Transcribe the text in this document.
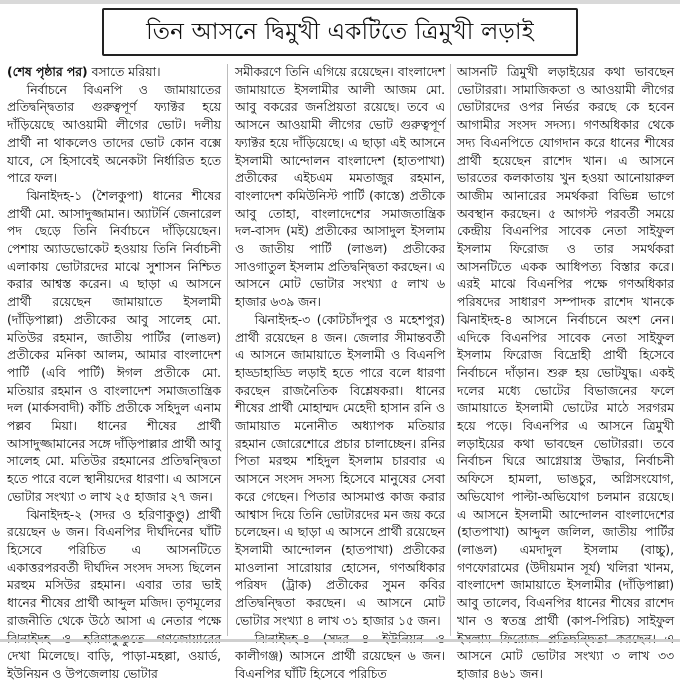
তিন আসনে দ্বিমুখী একটিতে ত্রিমুখী লড়াই

(শেষ পৃষ্ঠার পর) বসাতে মরিয়া।

নির্বাচনে বিএনপি ও জামায়াতের প্রতিদ্বন্দ্বিতার গুরুত্বপূর্ণ ফ্যাক্টর হয়ে দাঁড়িয়েছে আওয়ামী লীগের ভোট। দলীয় প্রার্থী না থাকলেও তাদের ভোট কোন বক্সে যাবে, সে হিসাবেই অনেকটা নির্ধারিত হতে পারে ফল।

ঝিনাইদহ-১ (শৈলকুপা) ধানের শীষের প্রার্থী মো. আসাদুজ্জামান। অ্যাটর্নি জেনারেল পদ ছেড়ে তিনি নির্বাচনে দাঁড়িয়েছেন। পেশায় অ্যাডভোকেট হওয়ায় তিনি নির্বাচনী এলাকায় ভোটারদের মাঝে সুশাসন নিশ্চিত করার আশ্বস্ত করেন। এ ছাড়া এ আসনে প্রার্থী রয়েছেন জামায়াতে ইসলামী (দাঁড়িপাল্লা) প্রতীকের আবু সালেহ মো. মতিউর রহমান, জাতীয় পার্টির (লাঙল) প্রতীকের মনিকা আলম, আমার বাংলাদেশ পার্টি (এবি পার্টি) ঈগল প্রতীকে মো. মতিয়ার রহমান ও বাংলাদেশ সমাজতান্ত্রিক দল (মার্কসবাদী) কাঁচি প্রতীকে সহিদুল এনাম পল্লব মিয়া। ধানের শীষের প্রার্থী আসাদুজ্জামানের সঙ্গে দাঁড়িপাল্লার প্রার্থী আবু সালেহ মো. মতিউর রহমানের প্রতিদ্বন্দ্বিতা হতে পারে বলে স্থানীয়দের ধারণা। এ আসনে ভোটার সংখ্যা ৩ লাখ ২৫ হাজার ২৭ জন।

ঝিনাইদহ-২ (সদর ও হরিণাকুণ্ডু) প্রার্থী রয়েছেন ৬ জন। বিএনপির দীর্ঘদিনের ঘাঁটি হিসেবে পরিচিত এ আসনটিতে একাত্তরপরবর্তী দীর্ঘদিন সংসদ সদস্য ছিলেন মরহুম মসিউর রহমান। এবার তার ভাই ধানের শীষের প্রার্থী আব্দুল মজিদ। তৃণমূলের রাজনীতি থেকে উঠে আসা এ নেতার পক্ষে দেখা মিলেছে। বাড়ি, পাড়া-মহল্লা, ওয়ার্ড, ইউনিয়ন ও উপজেলায় ভোটার

সমীকরণে তিনি এগিয়ে রয়েছেন। বাংলাদেশ জামায়াতে ইসলামীর আলী আজম মো. আবু বকরের জনপ্রিয়তা রয়েছে। তবে এ আসনে আওয়ামী লীগের ভোট গুরুত্বপূর্ণ ফ্যাক্টর হয়ে দাঁড়িয়েছে। এ ছাড়া এই আসনে ইসলামী আন্দোলন বাংলাদেশ (হাতপাখা) প্রতীকের এইচএম মমতাজুর রহমান, বাংলাদেশ কমিউনিস্ট পার্টি (কাস্তে) প্রতীকে আবু তোহা, বাংলাদেশের সমাজতান্ত্রিক দল-বাসদ (মই) প্রতীকের আসাদুল ইসলাম ও জাতীয় পার্টি (লাঙল) প্রতীকের সাওগাতুল ইসলাম প্রতিদ্বন্দ্বিতা করছেন। এ আসনে মোট ভোটার সংখ্যা ৫ লাখ ৬ হাজার ৬৩৯ জন।

ঝিনাইদহ-৩ (কোটচাঁদপুর ও মহেশপুর) প্রার্থী রয়েছেন ৪ জন। জেলার সীমান্তবর্তী এ আসনে জামায়াতে ইসলামী ও বিএনপি হাড্ডাহাড্ডি লড়াই হতে পারে বলে ধারণা করছেন রাজনৈতিক বিশ্লেষকরা। ধানের শীষের প্রার্থী মোহাম্মদ মেহেদী হাসান রনি ও জামায়াত মনোনীত অধ্যাপক মতিয়ার রহমান জোরেশোরে প্রচার চালাচ্ছেন। রনির পিতা মরহুম শহিদুল ইসলাম চারবার এ আসনে সংসদ সদস্য হিসেবে মানুষের সেবা করে গেছেন। পিতার আসমাপ্ত কাজ করার আশ্বাস দিয়ে তিনি ভোটারদের মন জয় করে চলেছেন। এ ছাড়া এ আসনে প্রার্থী রয়েছেন ইসলামী আন্দোলন (হাতপাখা) প্রতীকের মাওলানা সারোয়ার হোসেন, গণঅধিকার পরিষদ (ট্রাক) প্রতীকের সুমন কবির প্রতিদ্বন্দ্বিতা করছেন। এ আসনে মোট ভোটার সংখ্যা ৪ লাখ ৩১ হাজার ১৫ জন।

কালীগঞ্জ) আসনে প্রার্থী রয়েছেন ৬ জন। বিএনপির ঘাঁটি হিসেবে পরিচিত

আসনটি ত্রিমুখী লড়াইয়ের কথা ভাবছেন ভোটাররা। সামাজিকতা ও আওয়ামী লীগের ভোটারদের ওপর নির্ভর করছে কে হবেন আগামীর সংসদ সদস্য। গণঅধিকার থেকে সদ্য বিএনপিতে যোগদান করে ধানের শীষের প্রার্থী হয়েছেন রাশেদ খান। এ আসনে ভারতের কলকাতায় খুন হওয়া আনোয়ারুল আজীম আনারের সমর্থকরা বিভিন্ন ভাগে অবস্থান করছেন। ৫ আগস্ট পরবর্তী সময়ে কেন্দ্রীয় বিএনপির সাবেক নেতা সাইফুল ইসলাম ফিরোজ ও তার সমর্থকরা আসনটিতে একক আধিপত্য বিস্তার করে। এরই মাঝে বিএনপির পক্ষে গণঅধিকার পরিষদের সাধারণ সম্পাদক রাশেদ খানকে ঝিনাইদহ-৪ আসনে নির্বাচনে অংশ নেন। এদিকে বিএনপির সাবেক নেতা সাইফুল ইসলাম ফিরোজ বিদ্রোহী প্রার্থী হিসেবে নির্বাচনে দাঁড়ান। শুরু হয় ভোটযুদ্ধ। একই দলের মধ্যে ভোটের বিভাজনের ফলে জামায়াতে ইসলামী ভোটের মাঠে সরগরম হয়ে পড়ে। বিএনপির এ আসনে ত্রিমুখী লড়াইয়ের কথা ভাবছেন ভোটাররা। তবে নির্বাচন ঘিরে আগ্নেয়াস্ত্র উদ্ধার, নির্বাচনী অফিসে হামলা, ভাঙচুর, অগ্নিসংযোগ, অভিযোগ পাল্টা-অভিযোগ চলমান রয়েছে। এ আসনে ইসলামী আন্দোলন বাংলাদেশের (হাতপাখা) আব্দুল জলিল, জাতীয় পার্টির (লাঙল) এমদাদুল ইসলাম (বাচ্চু), গণফোরামের (উদীয়মান সূর্য) খলিরা খানম, বাংলাদেশ জামায়াতে ইসলামীর (দাঁড়িপাল্লা) আবু তালেব, বিএনপির ধানের শীষের রাশেদ খান ও স্বতন্ত্র প্রার্থী (কাপ-পিরিচ) সাইফুল আসনে মোট ভোটার সংখ্যা ৩ লাখ ৩৩ হাজার ৪৬১ জন।
